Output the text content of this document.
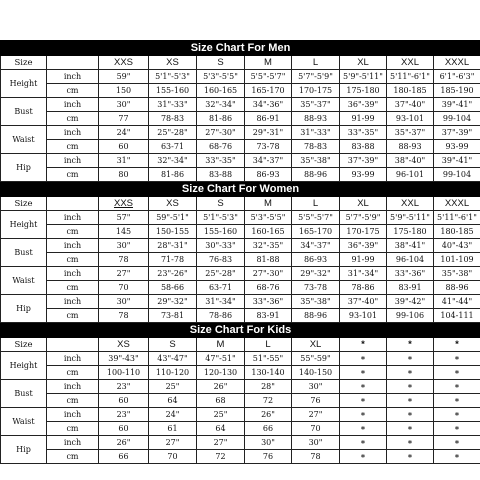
Size Chart For Men									
Size		XXS	XS	S	M	L	XL	XXL	XXXL
Height	inch	59"	5'1"-5'3"	5'3"-5'5"	5'5"-5'7"	5'7"-5'9"	5'9"-5'11"	5'11"-6'1"	6'1"-6'3"
	cm	150	155-160	160-165	165-170	170-175	175-180	180-185	185-190
Bust	inch	30"	31"-33"	32"-34"	34"-36"	35"-37"	36"-39"	37"-40"	39"-41"
	cm	77	78-83	81-86	86-91	88-93	91-99	93-101	99-104
Waist	inch	24"	25"-28"	27"-30"	29"-31"	31"-33"	33"-35"	35"-37"	37"-39"
	cm	60	63-71	68-76	73-78	78-83	83-88	88-93	93-99
Hip	inch	31"	32"-34"	33"-35"	34"-37"	35"-38"	37"-39"	38"-40"	39"-41"
	cm	80	81-86	83-88	86-93	88-96	93-99	96-101	99-104
Size Chart For Women									
Size		XXS	XS	S	M	L	XL	XXL	XXXL
Height	inch	57"	59"-5'1"	5'1"-5'3"	5'3"-5'5"	5'5"-5'7"	5'7"-5'9"	5'9"-5'11"	5'11"-6'1"
	cm	145	150-155	155-160	160-165	165-170	170-175	175-180	180-185
Bust	inch	30"	28"-31"	30"-33"	32"-35"	34"-37"	36"-39"	38"-41"	40"-43"
	cm	78	71-78	76-83	81-88	86-93	91-99	96-104	101-109
Waist	inch	27"	23"-26"	25"-28"	27"-30"	29"-32"	31"-34"	33"-36"	35"-38"
	cm	70	58-66	63-71	68-76	73-78	78-86	83-91	88-96
Hip	inch	30"	29"-32"	31"-34"	33"-36"	35"-38"	37"-40"	39"-42"	41"-44"
	cm	78	73-81	78-86	83-91	88-96	93-101	99-106	104-111
Size Chart For Kids									
Size		XS	S	M	L	XL	*	*	*
Height	inch	39"-43"	43"-47"	47"-51"	51"-55"	55"-59"	*	*	*
	cm	100-110	110-120	120-130	130-140	140-150	*	*	*
Bust	inch	23"	25"	26"	28"	30"	*	*	*
	cm	60	64	68	72	76	*	*	*
Waist	inch	23"	24"	25"	26"	27"	*	*	*
	cm	60	61	64	66	70	*	*	*
Hip	inch	26"	27"	27"	30"	30"	*	*	*
	cm	66	70	72	76	78	*	*	*
